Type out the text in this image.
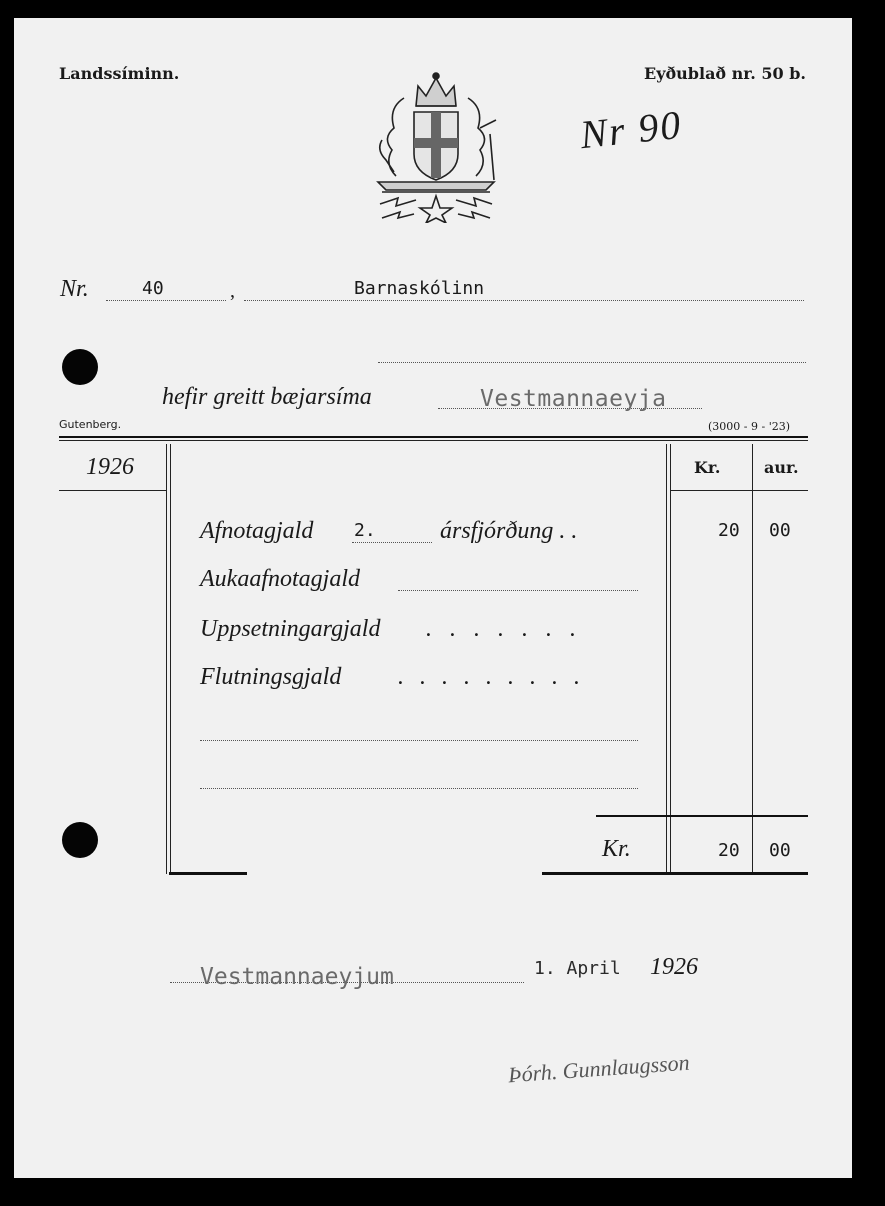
Landssíminn.	Eyðublað nr. 50 b.
Nr 90
Nr.	40	,	Barnaskólinn
hefir greitt bæjarsíma	Vestmannaeyja
Gutenberg.	(3000 - 9 - '23)
1926	Kr.	aur.
Afnotagjald 2.	ársfjórðung . .	20 00
Aukaafnotagjald
Uppsetningargjald . . . . . . .
Flutningsgjald . . . . . . . . .
Kr.	20 00
Vestmannaeyjum	1. April 1926
Þórh. Gunnlaugsson
